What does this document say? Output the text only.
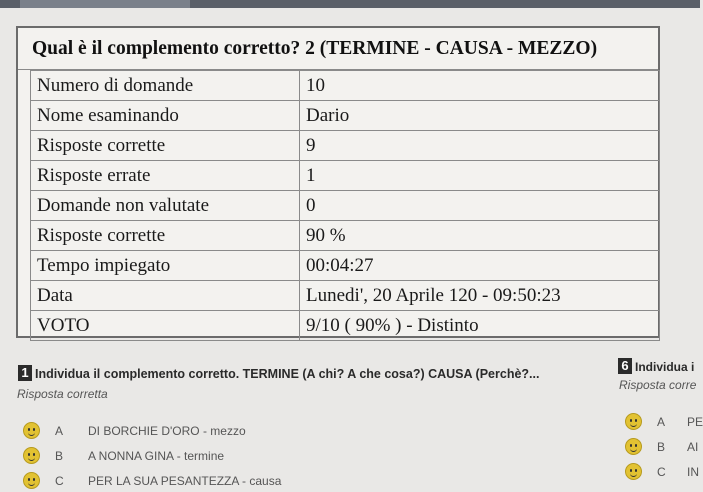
Qual è il complemento corretto? 2 (TERMINE - CAUSA - MEZZO)
Numero di domande	10
Nome esaminando	Dario
Risposte corrette	9
Risposte errate	1
Domande non valutate	0
Risposte corrette	90 %
Tempo impiegato	00:04:27
Data	Lunedi', 20 Aprile 120 - 09:50:23
VOTO	9/10 ( 90% ) - Distinto
1 Individua il complemento corretto. TERMINE (A chi? A che cosa?) CAUSA (Perchè?...
Risposta corretta
A DI BORCHIE D'ORO - mezzo
B A NONNA GINA - termine
C PER LA SUA PESANTEZZA - causa
6 Individua i
Risposta corre
A PE
B AI
C IN
